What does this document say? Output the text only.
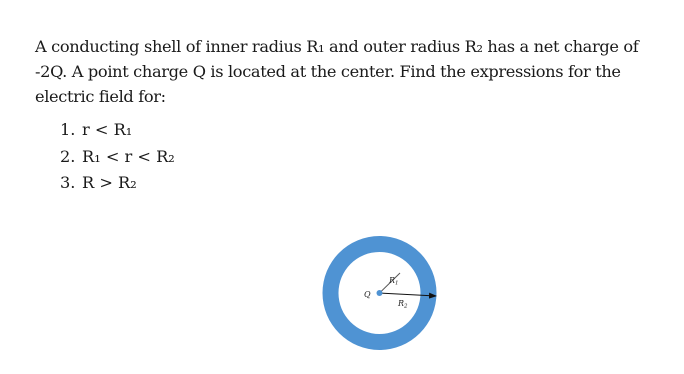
A conducting shell of inner radius R₁ and outer radius R₂ has a net charge of

-2Q. A point charge Q is located at the center. Find the expressions for the

electric field for:

1. r < R₁
2. R₁ < r < R₂
3. R > R₂
Q
R1
R2
